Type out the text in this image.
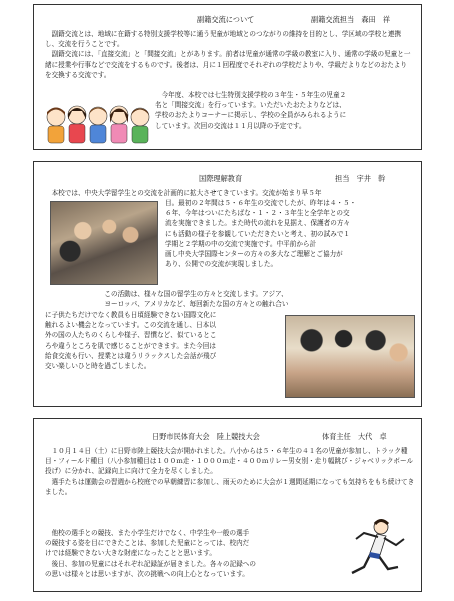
副籍交流について	副籍交流担当　森田　祥

副籍交流とは、地域に在籍する特別支援学校等に通う児童が地域とのつながりの維持を目的とし、学区域の学校と連携し、交流を行うことです。

副籍交流には、「直接交流」と「間接交流」とがあります。前者は児童が通常の学級の教室に入り、通常の学級の児童と一緒に授業や行事などで交流をするものです。後者は、月に１回程度でそれぞれの学校だよりや、学級だよりなどのおたよりを交換する交流です。

今年度、本校では七生特別支援学校の３年生・５年生の児童２

名と「間接交流」を行っています。いただいたおたよりなどは、

学校のおたよりコーナーに掲示し、学校の全員がみられるように

しています。次回の交流は１１月以降の予定です。

国際理解教育	担当　宇井　幹

本校では、中央大学留学生との交流を計画的に拡大させてきています。交流が始まり早５年

目。最初の２年間は５・６年生の交流でしたが、昨年は４・５・

６年、今年はついにたちばな・１・２・３年生と全学年との交

流を実施できました。また時代の流れを見据え、保護者の方々

にも活動の様子を参観していただきたいと考え、初の試みで１

学期と２学期の中の交流で実施です。中平前から計

画し中央大学国際センターの方々の多大なご理解とご協力が

あり、公開での交流が実現しました。

この活動は、様々な国の留学生の方々と交流します。アジア、

ヨーロッパ、アメリカなど、毎回新たな国の方々との触れ合い

に子供たちだけでなく教員も日頃経験できない国際文化に

触れるよい機会となっています。この交流を通し、日本以

外の国の人たちのくらしや様子、習慣など、似ているとこ

ろや違うところを肌で感じることができます。また今回は

給食交流も行い、授業とは違うリラックスした会話が飛び

交い楽しいひと時を過ごしました。

日野市民体育大会　陸上競技大会	体育主任　大代　卓

１０月１４日（土）に日野市陸上競技大会が開かれました。八小からは５・６年生の４１名の児童が参加し、トラック種目・フィールド種目（八小参加種目は１００ｍ走・１０００ｍ走・４００ｍリレー男女別・走り幅跳び・ジャベリックボール投げ）に分かれ、記録向上に向けて全力を尽くしました。

選手たちは運動会の習週から校庭での早朝練習に参加し、雨天のために大会が１週間延期になっても気持ちをもち続けてきました。

他校の選手との競技、また小学生だけでなく、中学生や一般の選手

の競技する姿を目にできたことは、参加した児童にとっては、校内だ

けでは経験できない大きな財産になったことと思います。

後日、参加の児童にはそれぞれ記録証が届きました。各々の記録への

の思いは様々とは思いますが、次の挑戦への向上心となっています。
